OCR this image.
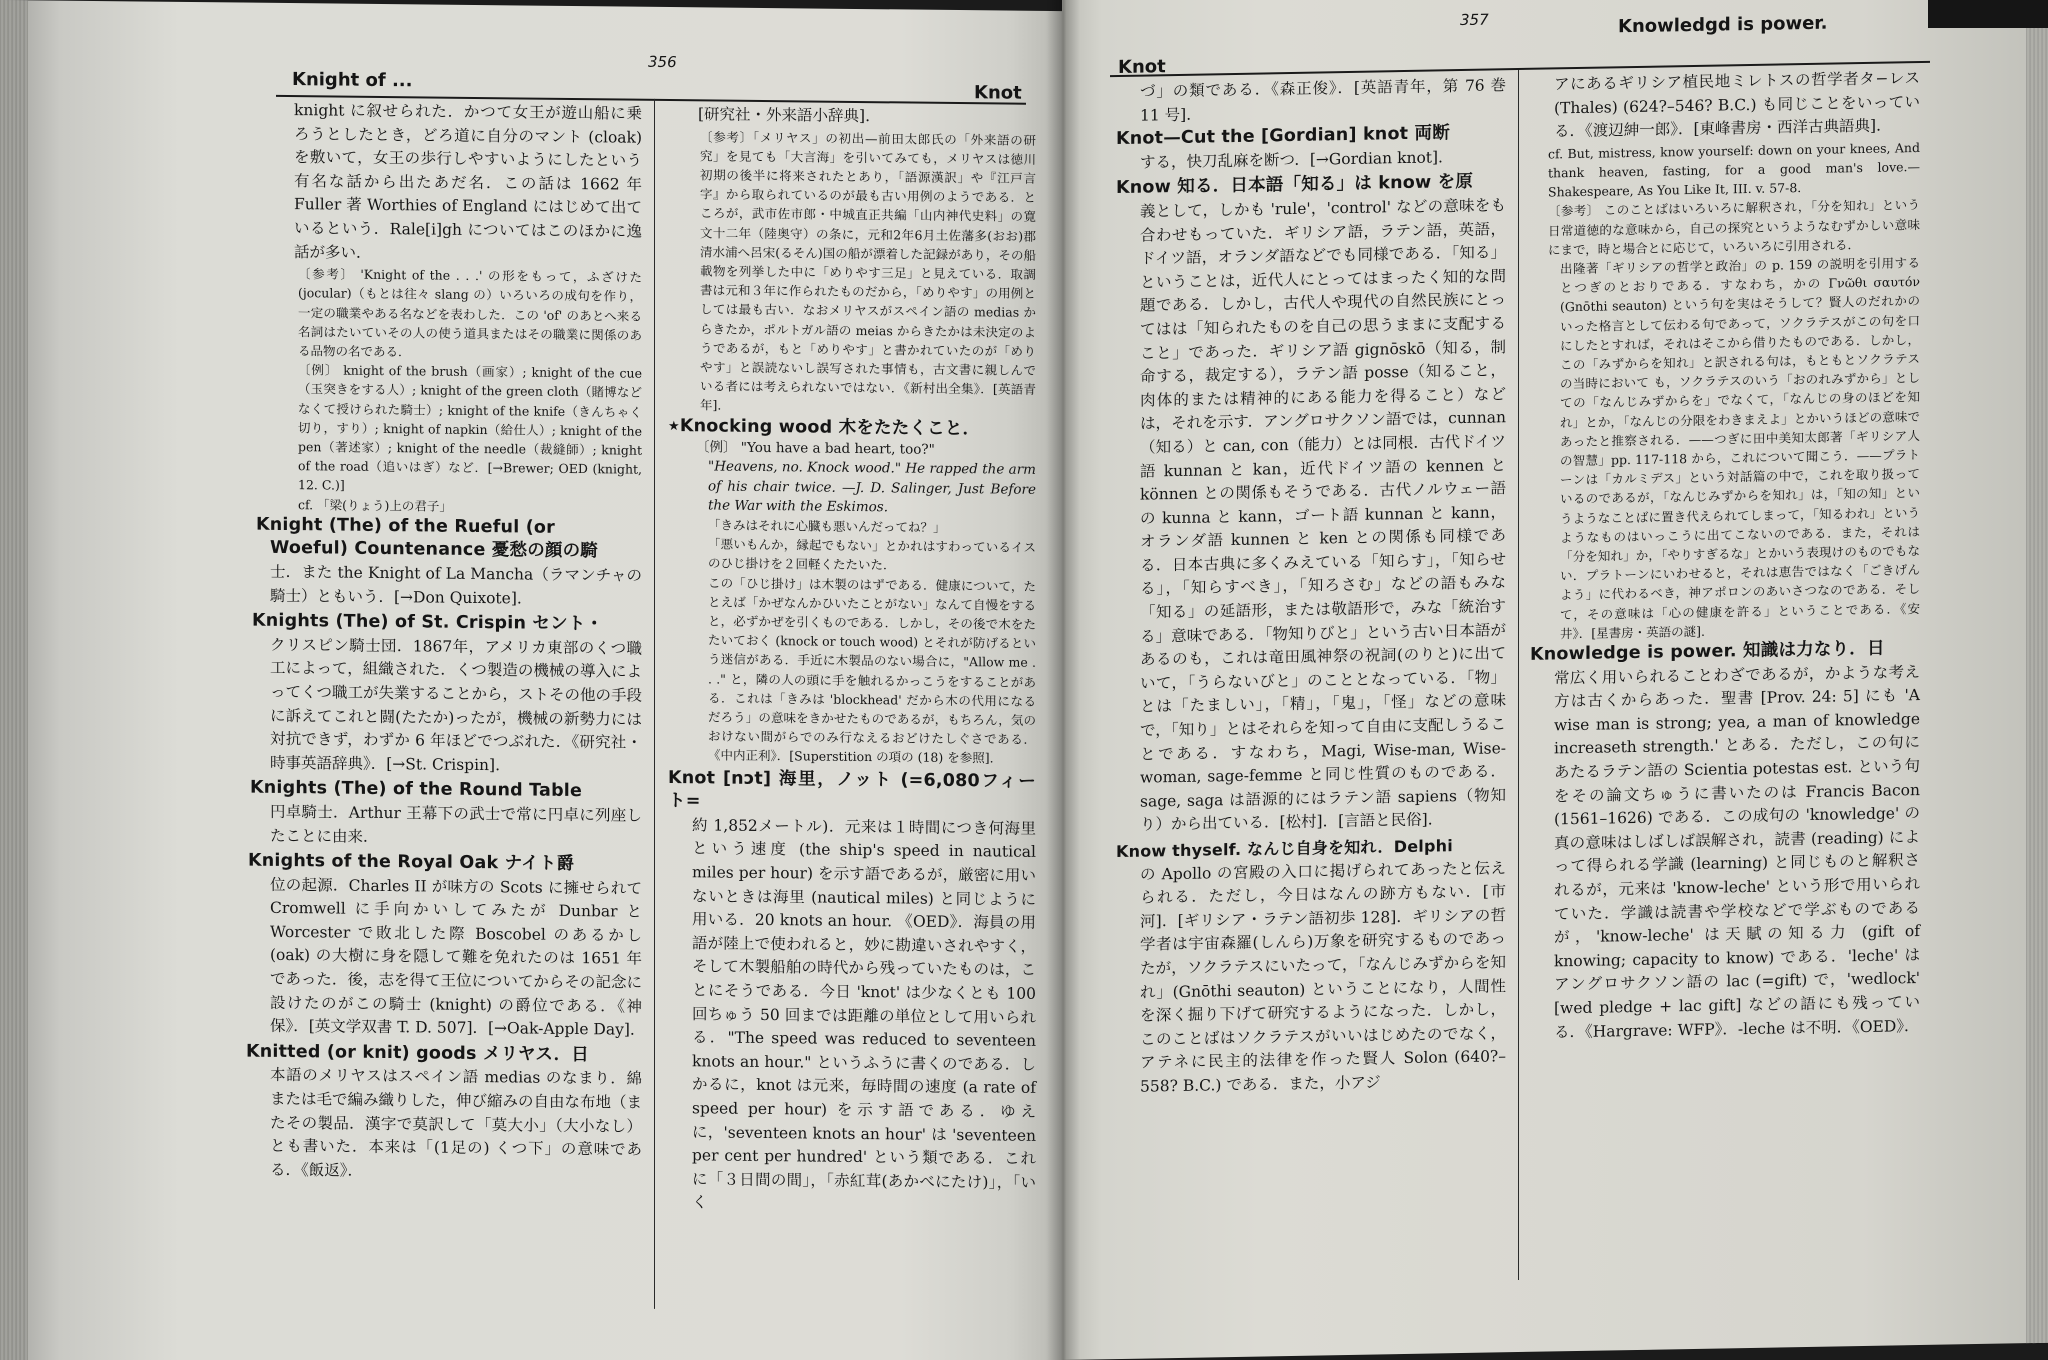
Knight of ...
356
Knot

knight に叙せられた．かつて女王が遊山船に乗ろうとしたとき，どろ道に自分のマント (cloak) を敷いて，女王の歩行しやすいようにしたという有名な話から出たあだ名．この話は 1662 年 Fuller 著 Worthies of England にはじめて出ているという．Rale[i]gh についてはこのほかに逸話が多い．

〔参考〕 'Knight of the . . .' の形をもって，ふざけた (jocular)（もとは往々 slang の）いろいろの成句を作り，一定の職業やある名などを表わした．この 'of' のあとへ来る名詞はたいていその人の使う道具またはその職業に関係のある品物の名である．

〔例〕 knight of the brush（画家）; knight of the cue（玉突きをする人）; knight of the green cloth（賭博などなくて授けられた騎士）; knight of the knife（きんちゃく切り，すり）; knight of napkin（給仕人）; knight of the pen（著述家）; knight of the needle（裁縫師）; knight of the road（追いはぎ）など．[→Brewer; OED (knight, 12. C.)]

cf. 「梁(りょう)上の君子」

Knight (The) of the Rueful (or
Woeful) Countenance 憂愁の顔の騎
士．また the Knight of La Mancha（ラマンチャの騎士）ともいう．[→Don Quixote].
Knights (The) of St. Crispin セント・
クリスピン騎士団．1867年，アメリカ東部のくつ職工によって，組織された．くつ製造の機械の導入によってくつ職工が失業することから，ストその他の手段に訴えてこれと闘(たたか)ったが，機械の新勢力には対抗できず，わずか 6 年ほどでつぶれた．《研究社・時事英語辞典》．[→St. Crispin].
Knights (The) of the Round Table
円卓騎士．Arthur 王幕下の武士で常に円卓に列座したことに由来．
Knights of the Royal Oak ナイト爵
位の起源．Charles II が味方の Scots に擁せられて Cromwell に手向かいしてみたが Dunbar と Worcester で敗北した際 Boscobel のあるかし (oak) の大樹に身を隠して難を免れたのは 1651 年であった．後，志を得て王位についてからその記念に設けたのがこの騎士 (knight) の爵位である．《神保》．[英文学双書 T. D. 507]．[→Oak-Apple Day].
Knitted (or knit) goods メリヤス．日
本語のメリヤスはスペイン語 medias のなまり．綿または毛で編み織りした，伸び縮みの自由な布地（またその製品．漢字で莫訳して「莫大小」（大小なし）とも書いた．本来は「(1足の) くつ下」の意味である．《飯返》．

[研究社・外来語小辞典].

〔参考〕「メリヤス」の初出—前田太郎氏の「外来語の研究」を見ても「大言海」を引いてみても，メリヤスは徳川初期の後半に将来されたとあり，「語源漢訳」や『江戸言字』から取られているのが最も古い用例のようである．ところが，武市佐市郎・中城直正共編「山内神代史料」の寛文十二年（陸奥守）の条に，元和2年6月土佐藩多(おお)郡清水浦へ呂宋(るそん)国の船が漂着した記録があり，その船載物を列挙した中に「めりやす三足」と見えている．取調書は元和３年に作られたものだから，「めりやす」の用例としては最も古い．なおメリヤスがスペイン語の medias からきたか，ポルトガル語の meias からきたかは未決定のようであるが，もと「めりやす」と書かれていたのが「めりやす」と誤読ないし誤写された事情も，古文書に親しんでいる者には考えられないではない．《新村出全集》．[英語青年].

★Knocking wood 木をたたくこと．

〔例〕 "You have a bad heart, too?"

"Heavens, no. Knock wood." He rapped the arm of his chair twice. —J. D. Salinger, Just Before the War with the Eskimos.

「きみはそれに心臓も悪いんだってね？」

「悪いもんか，縁起でもない」とかれはすわっているイスのひじ掛けを２回軽くたたいた．

この「ひじ掛け」は木製のはずである．健康について，たとえば「かぜなんかひいたことがない」なんて自慢をすると，必ずかぜを引くものである．しかし，その後で木をたたいておく (knock or touch wood) とそれが防げるという迷信がある．手近に木製品のない場合に，"Allow me . . ." と，隣の人の頭に手を触れるかっこうをすることがある．これは「きみは 'blockhead' だから木の代用になるだろう」の意味をきかせたものであるが，もちろん，気のおけない間がらでのみ行なえるおどけたしぐさである．《中内正利》．[Superstition の項の (18) を参照].

Knot [nɔt] 海里，ノット (=6,080フィート=
約 1,852メートル)．元来は１時間につき何海里という速度 (the ship's speed in nautical miles per hour) を示す語であるが，厳密に用いないときは海里 (nautical miles) と同じように用いる．20 knots an hour. 《OED》．海員の用語が陸上で使われると，妙に勘違いされやすく，そして木製船舶の時代から残っていたものは，ことにそうである．今日 'knot' は少なくとも 100 回ちゅう 50 回までは距離の単位として用いられる．"The speed was reduced to seventeen knots an hour." というふうに書くのである．しかるに，knot は元来，毎時間の速度 (a rate of speed per hour) を示す語である．ゆえに，'seventeen knots an hour' は 'seventeen per cent per hundred' という類である．これに「３日間の間」，「赤紅茸(あかべにたけ)」，「いく
Knot
357	Knowledgd is power.

づ」の類である．《森正俊》．[英語青年，第 76 巻 11 号]．

Knot—Cut the [Gordian] knot 両断
する，快刀乱麻を断つ．[→Gordian knot].
Know 知る．日本語「知る」は know を原
義として，しかも 'rule'，'control' などの意味をも合わせもっていた．ギリシア語，ラテン語，英語，ドイツ語，オランダ語などでも同様である．「知る」ということは，近代人にとってはまったく知的な問題である．しかし，古代人や現代の自然民族にとってはは「知られたものを自己の思うままに支配すること」であった．ギリシア語 gignōskō（知る，制命する，裁定する），ラテン語 posse（知ること，肉体的または精神的にある能力を得ること）などは，それを示す．アングロサクソン語では，cunnan（知る）と can, con（能力）とは同根．古代ドイツ語 kunnan と kan，近代ドイツ語の kennen と können との関係もそうである．古代ノルウェー語の kunna と kann，ゴート語 kunnan と kann，オランダ語 kunnen と ken との関係も同様である．日本古典に多くみえている「知らす」，「知らせる」，「知らすべき」，「知ろさむ」などの語もみな「知る」の延語形，または敬語形で，みな「統治する」意味である．「物知りびと」という古い日本語があるのも，これは竜田風神祭の祝詞(のりと)に出ていて，「うらないびと」のこととなっている．「物」とは「たましい」，「精」，「鬼」，「怪」などの意味で，「知り」とはそれらを知って自由に支配しうることである．すなわち，Magi, Wise-man, Wise-woman, sage-femme と同じ性質のものである．sage, saga は語源的にはラテン語 sapiens（物知り）から出ている．[松村]．[言語と民俗]．
Know thyself. なんじ自身を知れ．Delphi
の Apollo の宮殿の入口に掲げられてあったと伝えられる．ただし，今日はなんの跡方もない．[市河]．[ギリシア・ラテン語初歩 128]．ギリシアの哲学者は宇宙森羅(しんら)万象を研究するものであったが，ソクラテスにいたって，「なんじみずからを知れ」(Gnōthi seauton) ということになり，人間性を深く掘り下げて研究するようになった．しかし，このことばはソクラテスがいいはじめたのでなく，アテネに民主的法律を作った賢人 Solon (640?–558? B.C.) である．また，小アジ

アにあるギリシア植民地ミレトスの哲学者タ−レス (Thales) (624?–546? B.C.) も同じことをいっている．《渡辺紳一郎》．[東峰書房・西洋古典語典]．

cf. But, mistress, know yourself: down on your knees, And thank heaven, fasting, for a good man's love.—Shakespeare, As You Like It, III. v. 57-8.

〔参考〕 このことばはいろいろに解釈され，「分を知れ」という日常道徳的な意味から，自己の探究というようなむずかしい意味にまで，時と場合とに応じて，いろいろに引用される．

出隆著「ギリシアの哲学と政治」の p. 159 の説明を引用するとつぎのとおりである．すなわち，かの Γνῶθι σαυτόν (Gnōthi seauton) という句を実はそうして？賢人のだれかのいった格言として伝わる句であって，ソクラテスがこの句を口にしたとすれば，それはそこから借りたものである．しかし，この「みずからを知れ」と訳される句は，もともとソクラテスの当時において も，ソクラテスのいう「おのれみずから」としての「なんじみずからを」でなくて，「なんじの身のほどを知れ」とか，「なんじの分限をわきまえよ」とかいうほどの意味であったと推察される．——つぎに田中美知太郎著「ギリシア人の智慧」pp. 117-118 から，これについて聞こう．——プラトーンは「カルミデス」という対話篇の中で，これを取り扱っているのであるが，「なんじみずからを知れ」は，「知の知」というようなことばに置き代えられてしまって，「知るわれ」というようなものはいっこうに出てこないのである．また，それは「分を知れ」か，「やりすぎるな」とかいう表現けのものでもない．プラトーンにいわせると，それは恵告ではなく「ごきげんよう」に代わるべき，神アポロンのあいさつなのである．そして，その意味は「心の健康を許る」ということである．《安井》．[星書房・英語の謎].

Knowledge is power. 知識は力なり．日
常広く用いられることわざであるが，かような考え方は古くからあった．聖書 [Prov. 24: 5] にも 'A wise man is strong; yea, a man of knowledge increaseth strength.' とある．ただし，この句にあたるラテン語の Scientia potestas est. という句をその論文ちゅうに書いたのは Francis Bacon (1561–1626) である．この成句の 'knowledge' の真の意味はしばしば誤解され，読書 (reading) によって得られる学識 (learning) と同じものと解釈されるが，元来は 'know-leche' という形で用いられていた．学識は読書や学校などで学ぶものであるが，'know-leche' は天賦の知る力 (gift of knowing; capacity to know) である．'leche' はアングロサクソン語の lac (=gift) で，'wedlock' [wed pledge + lac gift] などの語にも残っている．《Hargrave: WFP》．-leche は不明．《OED》．
